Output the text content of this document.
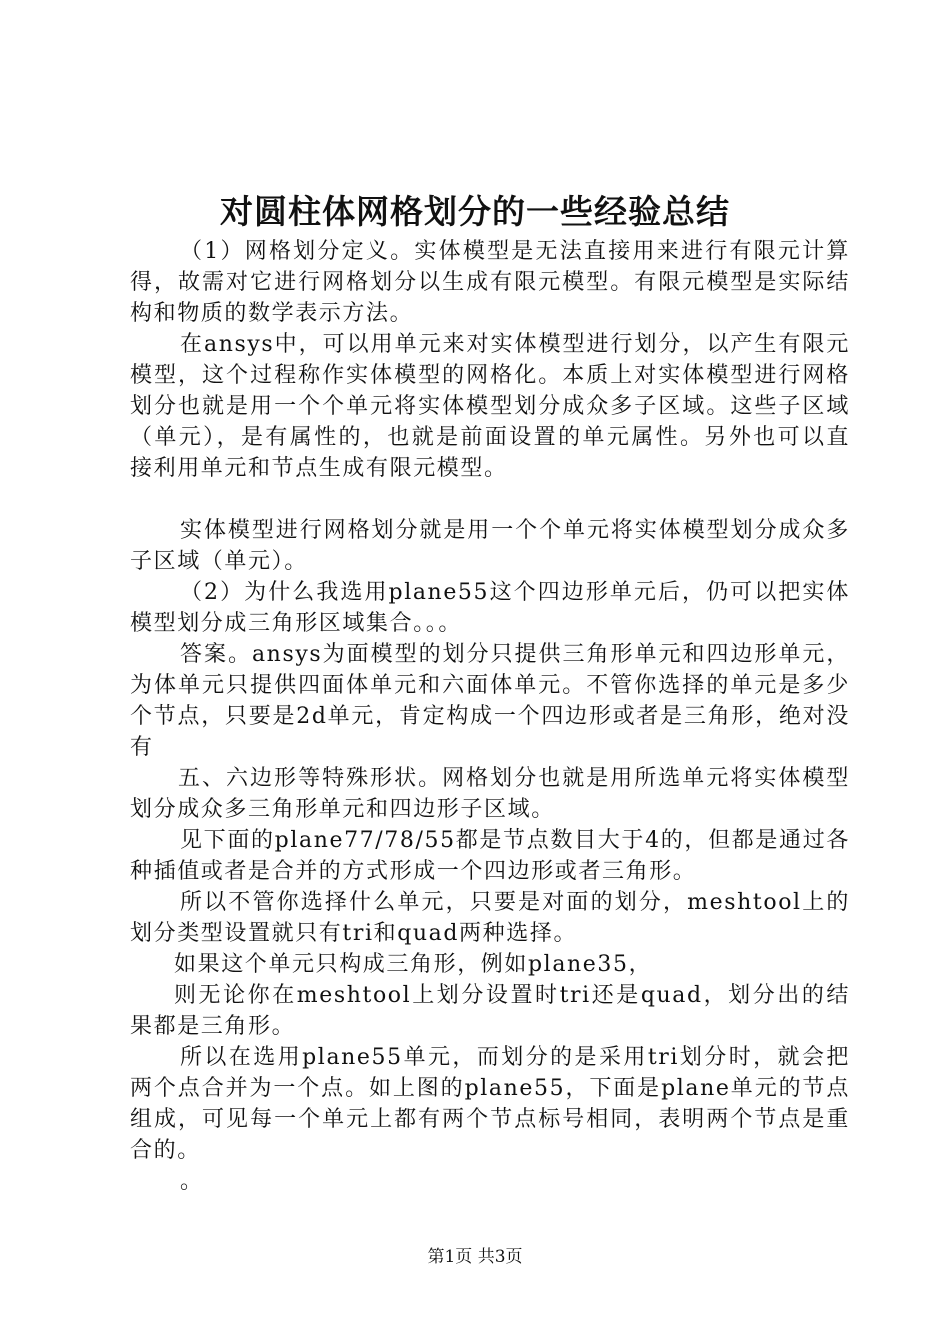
对圆柱体网格划分的一些经验总结

（1）网格划分定义。实体模型是无法直接用来进行有限元计算得，故需对它进行网格划分以生成有限元模型。有限元模型是实际结构和物质的数学表示方法。

在ansys中，可以用单元来对实体模型进行划分，以产生有限元模型，这个过程称作实体模型的网格化。本质上对实体模型进行网格划分也就是用一个个单元将实体模型划分成众多子区域。这些子区域（单元），是有属性的，也就是前面设置的单元属性。另外也可以直接利用单元和节点生成有限元模型。

实体模型进行网格划分就是用一个个单元将实体模型划分成众多子区域（单元）。

（2）为什么我选用plane55这个四边形单元后，仍可以把实体模型划分成三角形区域集合。。。

答案。ansys为面模型的划分只提供三角形单元和四边形单元，为体单元只提供四面体单元和六面体单元。不管你选择的单元是多少个节点，只要是2d单元，肯定构成一个四边形或者是三角形，绝对没有

五、六边形等特殊形状。网格划分也就是用所选单元将实体模型划分成众多三角形单元和四边形子区域。

见下面的plane77/78/55都是节点数目大于4的，但都是通过各种插值或者是合并的方式形成一个四边形或者三角形。

所以不管你选择什么单元，只要是对面的划分，meshtool上的划分类型设置就只有tri和quad两种选择。

如果这个单元只构成三角形，例如plane35，

则无论你在meshtool上划分设置时tri还是quad，划分出的结果都是三角形。

所以在选用plane55单元，而划分的是采用tri划分时，就会把两个点合并为一个点。如上图的plane55，下面是plane单元的节点组成，可见每一个单元上都有两个节点标号相同，表明两个节点是重合的。

。

第1页 共3页
